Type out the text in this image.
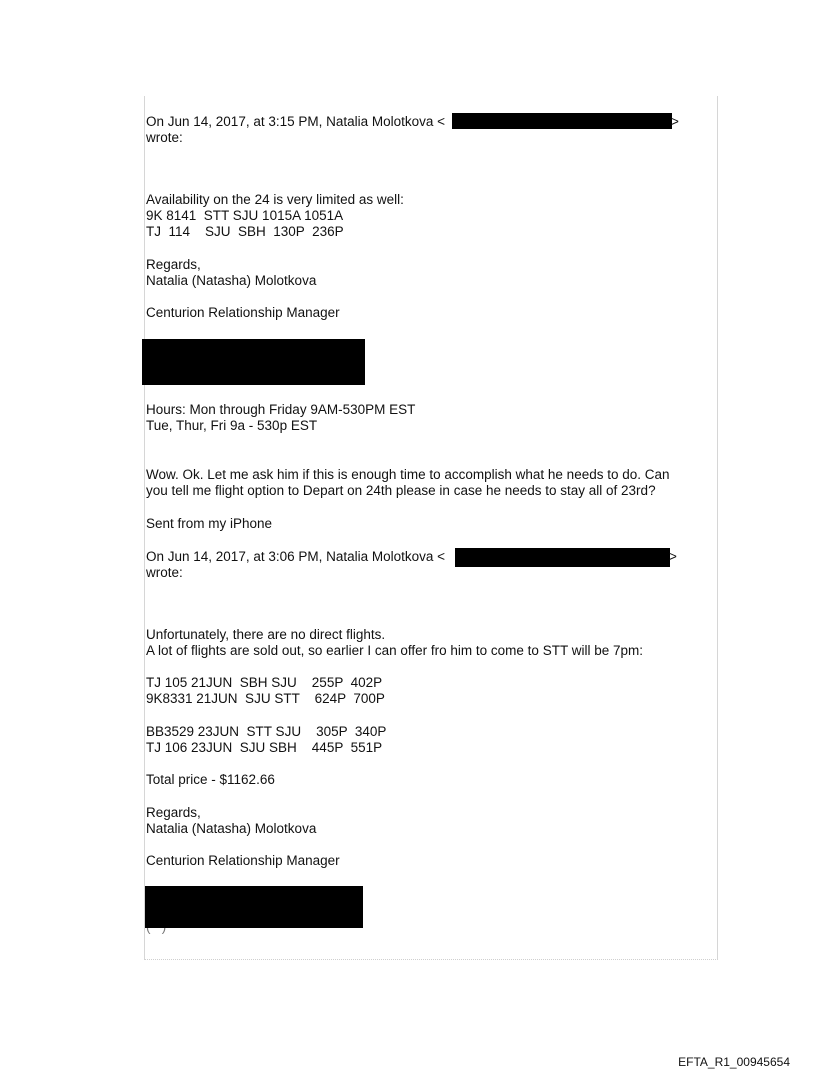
On Jun 14, 2017, at 3:15 PM, Natalia Molotkova <	>

wrote:

Availability on the 24 is very limited as well:

9K 8141  STT SJU 1015A 1051A

TJ  114    SJU  SBH  130P  236P

Regards,

Natalia (Natasha) Molotkova

Centurion Relationship Manager

Hours: Mon through Friday 9AM-530PM EST

Tue, Thur, Fri 9a - 530p EST

Wow. Ok. Let me ask him if this is enough time to accomplish what he needs to do. Can

you tell me flight option to Depart on 24th please in case he needs to stay all of 23rd?

Sent from my iPhone

On Jun 14, 2017, at 3:06 PM, Natalia Molotkova <	>

wrote:

Unfortunately, there are no direct flights.

A lot of flights are sold out, so earlier I can offer fro him to come to STT will be 7pm:

TJ 105 21JUN  SBH SJU    255P  402P

9K8331 21JUN  SJU STT    624P  700P

BB3529 23JUN  STT SJU    305P  340P

TJ 106 23JUN  SJU SBH    445P  551P

Total price - $1162.66

Regards,

Natalia (Natasha) Molotkova

Centurion Relationship Manager

EFTA_R1_00945654
